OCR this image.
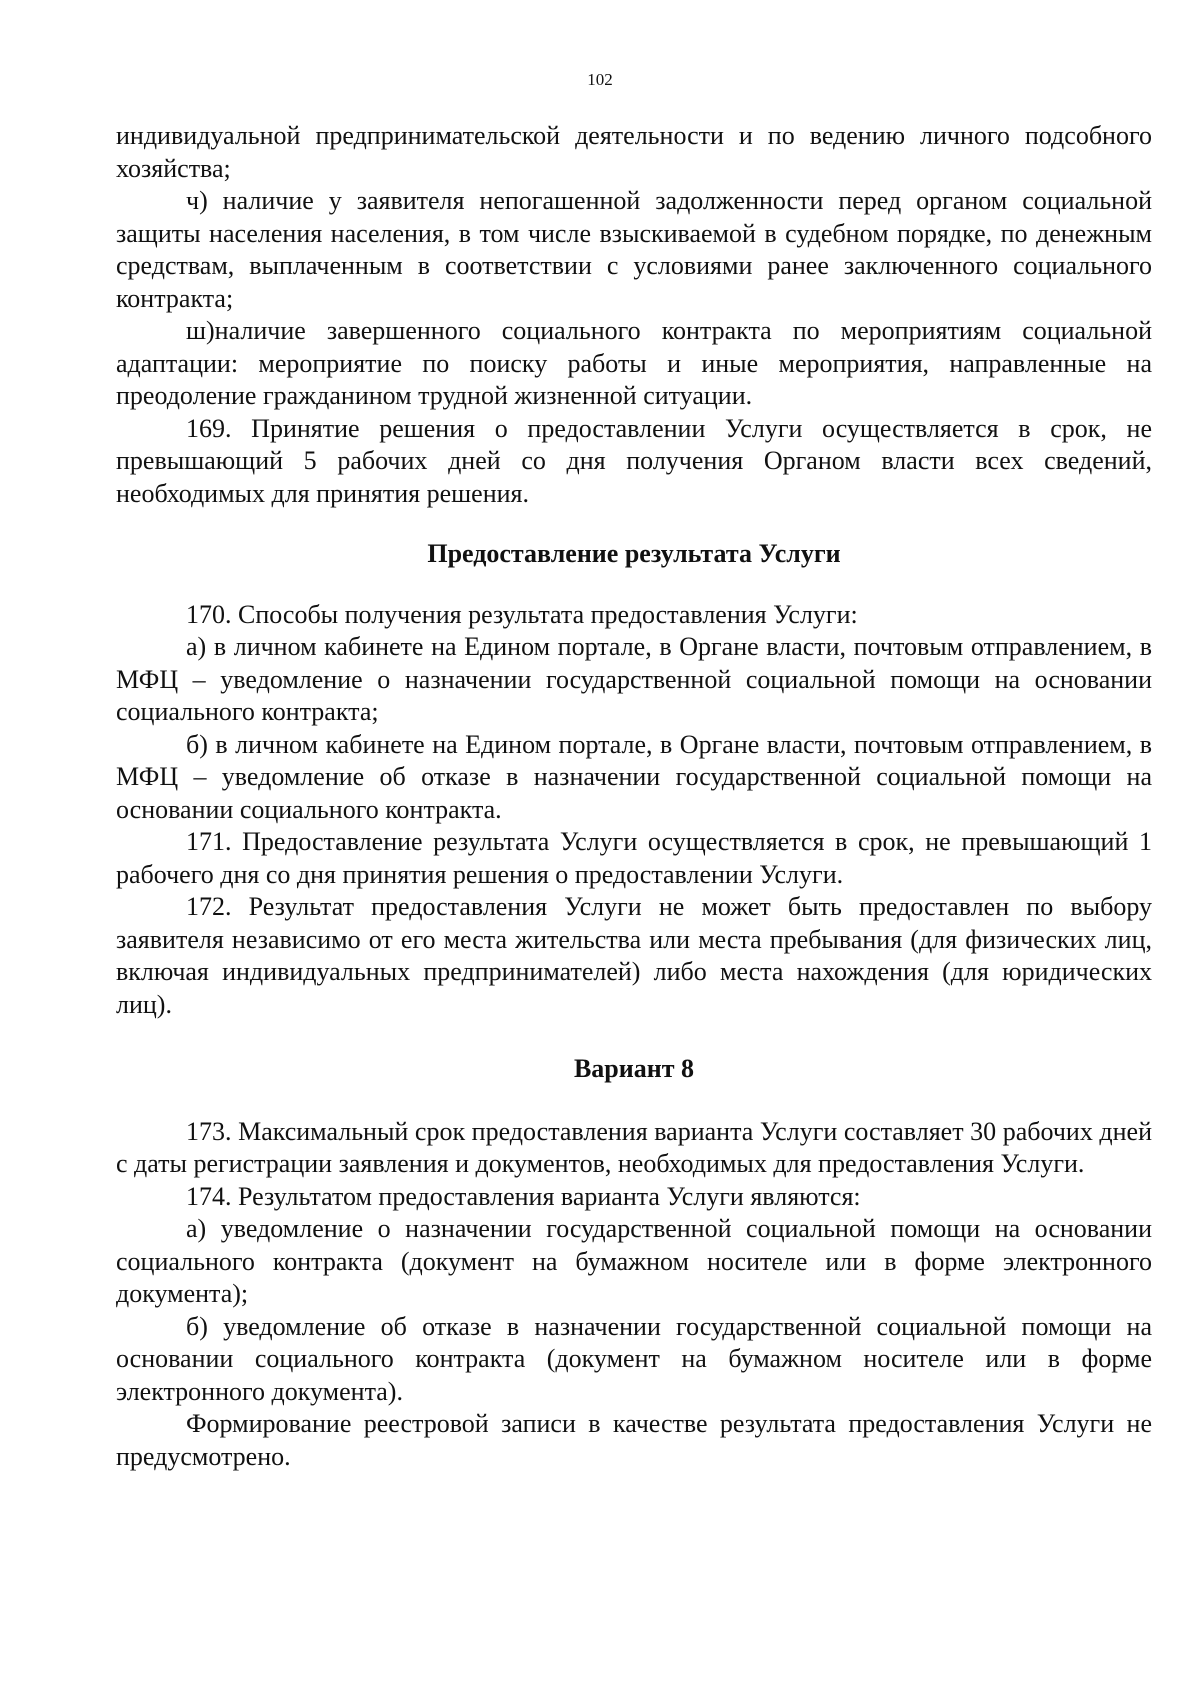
102

индивидуальной предпринимательской деятельности и по ведению личного подсобного хозяйства;

ч) наличие у заявителя непогашенной задолженности перед органом социальной защиты населения населения, в том числе взыскиваемой в судебном порядке, по денежным средствам, выплаченным в соответствии с условиями ранее заключенного социального контракта;

ш)наличие завершенного социального контракта по мероприятиям социальной адаптации: мероприятие по поиску работы и иные мероприятия, направленные на преодоление гражданином трудной жизненной ситуации.

169. Принятие решения о предоставлении Услуги осуществляется в срок, не превышающий 5 рабочих дней со дня получения Органом власти всех сведений, необходимых для принятия решения.

Предоставление результата Услуги

170. Способы получения результата предоставления Услуги:

а) в личном кабинете на Едином портале, в Органе власти, почтовым отправлением, в МФЦ – уведомление о назначении государственной социальной помощи на основании социального контракта;

б) в личном кабинете на Едином портале, в Органе власти, почтовым отправлением, в МФЦ – уведомление об отказе в назначении государственной социальной помощи на основании социального контракта.

171. Предоставление результата Услуги осуществляется в срок, не превышающий 1 рабочего дня со дня принятия решения о предоставлении Услуги.

172. Результат предоставления Услуги не может быть предоставлен по выбору заявителя независимо от его места жительства или места пребывания (для физических лиц, включая индивидуальных предпринимателей) либо места нахождения (для юридических лиц).

Вариант 8

173. Максимальный срок предоставления варианта Услуги составляет 30 рабочих дней с даты регистрации заявления и документов, необходимых для предоставления Услуги.

174. Результатом предоставления варианта Услуги являются:

а) уведомление о назначении государственной социальной помощи на основании социального контракта (документ на бумажном носителе или в форме электронного документа);

б) уведомление об отказе в назначении государственной социальной помощи на основании социального контракта (документ на бумажном носителе или в форме электронного документа).

Формирование реестровой записи в качестве результата предоставления Услуги не предусмотрено.
